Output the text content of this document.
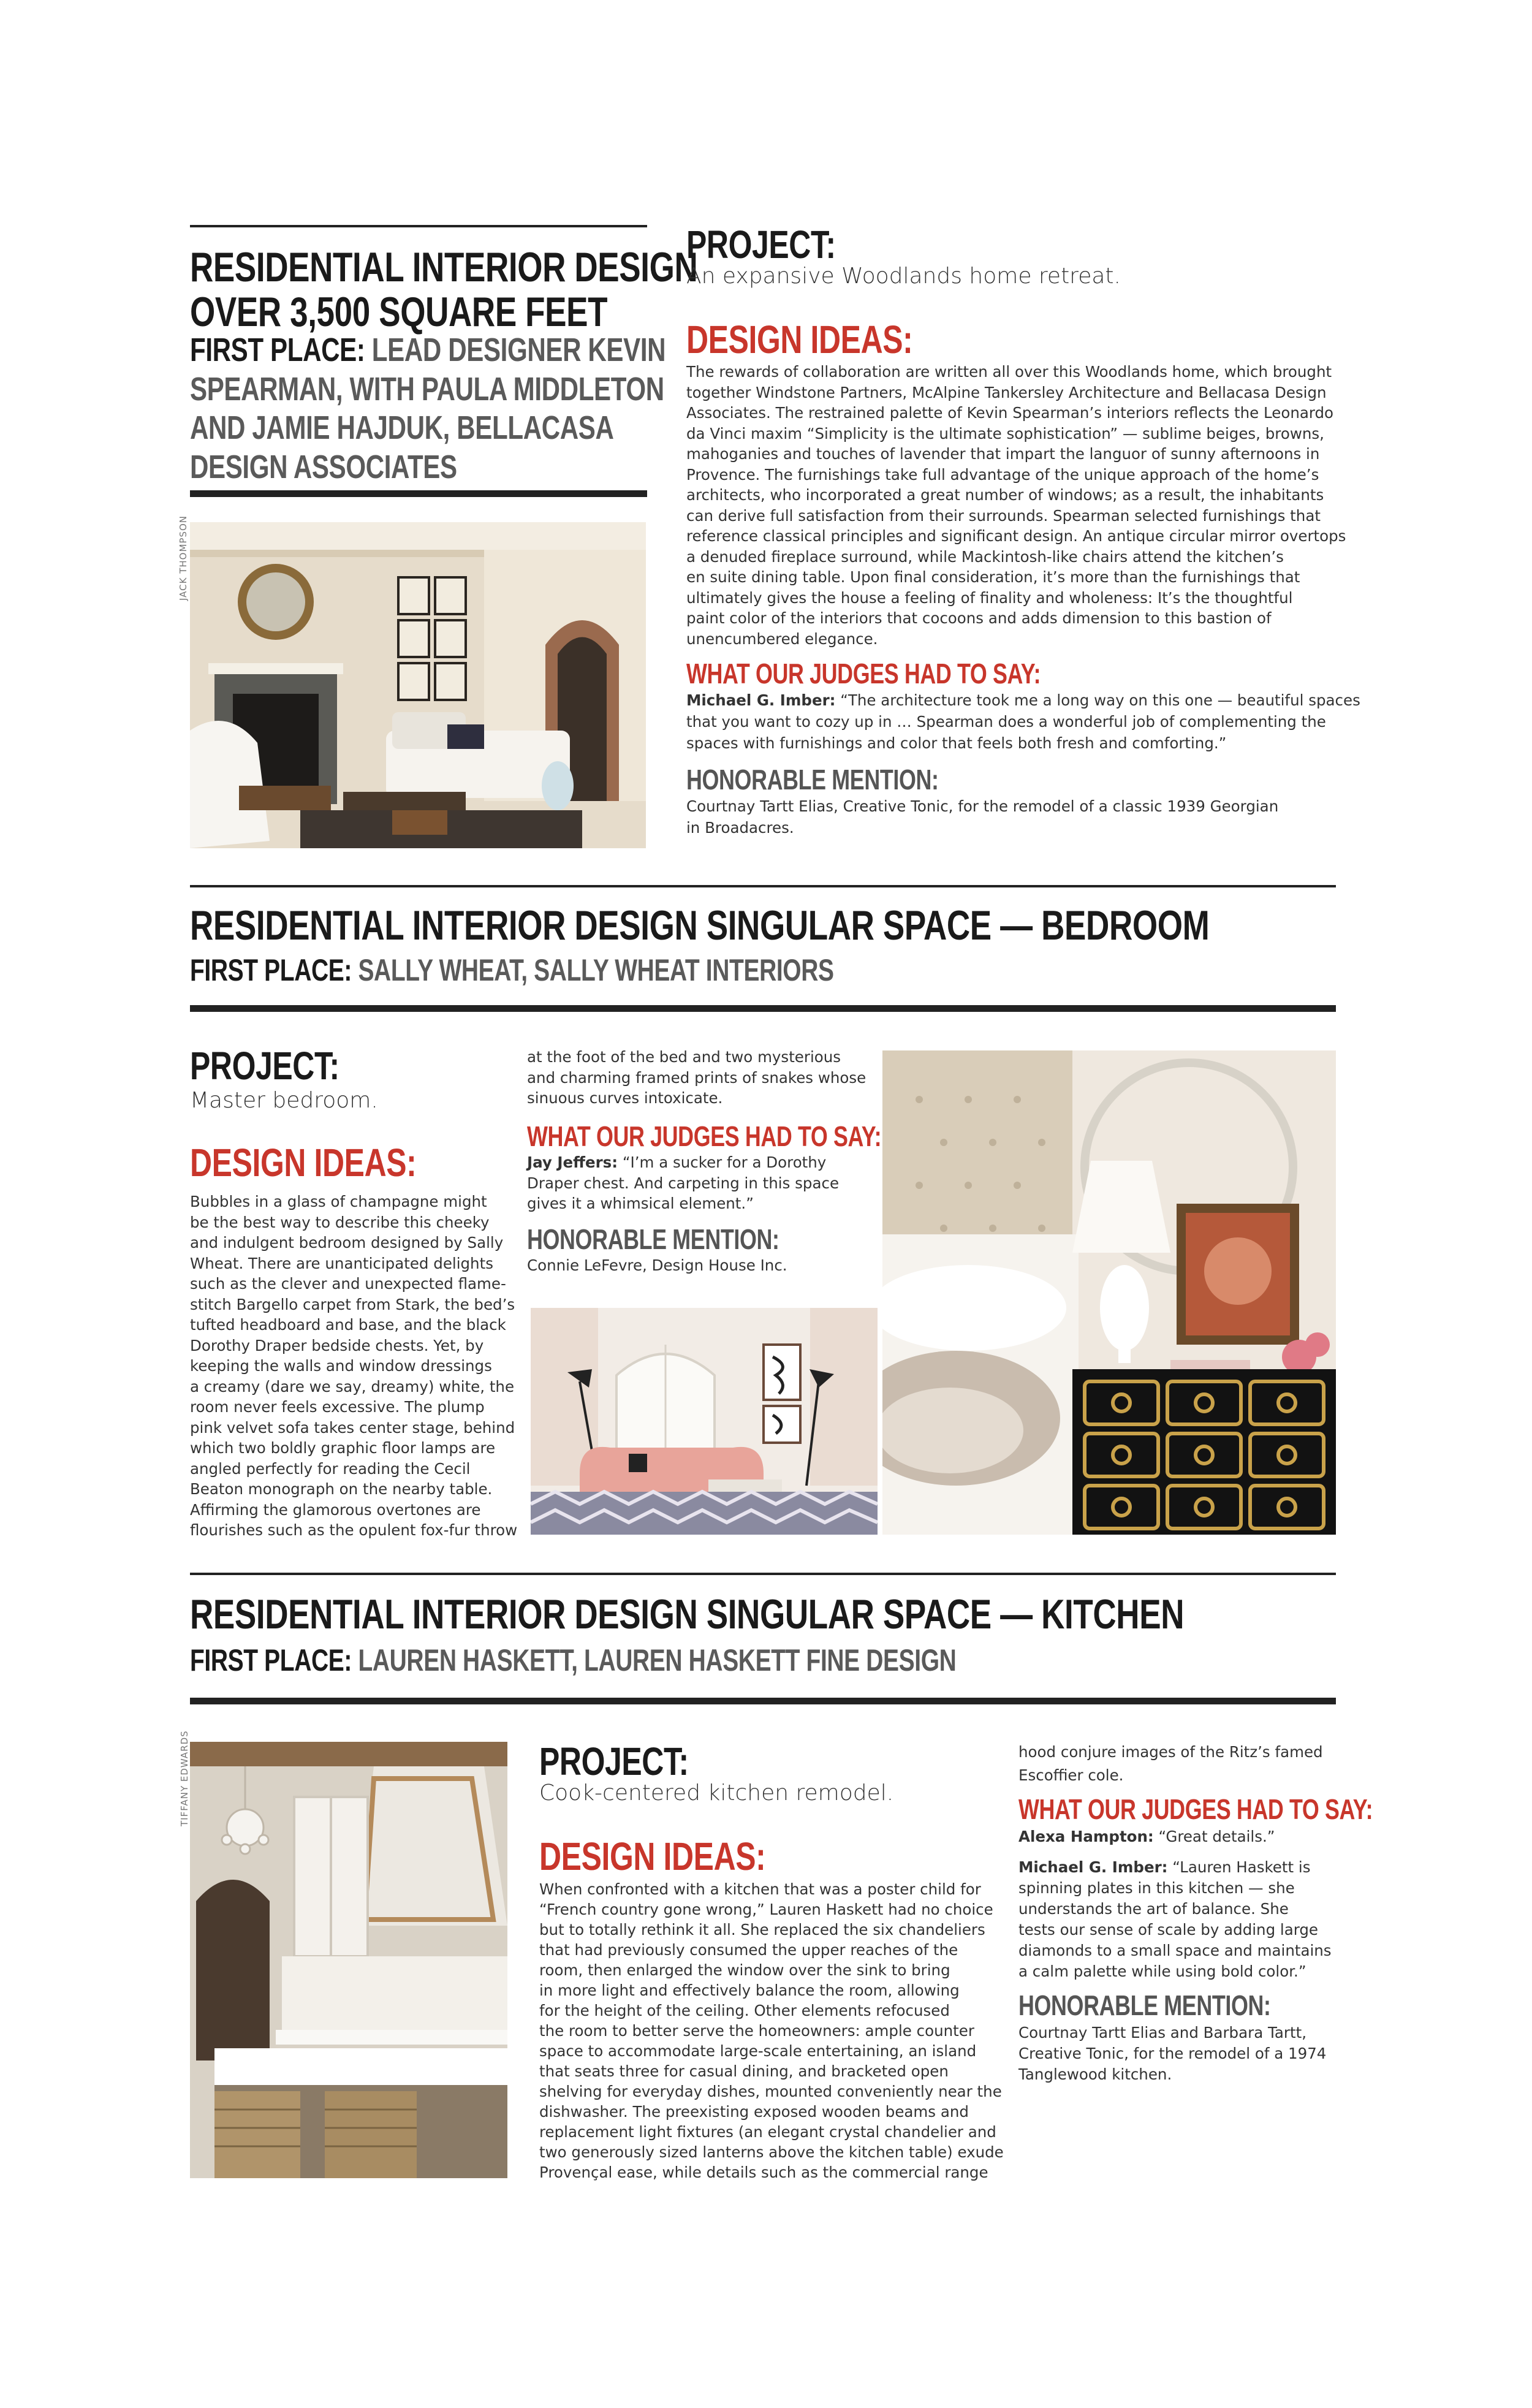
RESIDENTIAL INTERIOR DESIGN
OVER 3,500 SQUARE FEET
FIRST PLACE: LEAD DESIGNER KEVIN
SPEARMAN, WITH PAULA MIDDLETON
AND JAMIE HAJDUK, BELLACASA
DESIGN ASSOCIATES
JACK THOMPSON
PROJECT:
An expansive Woodlands home retreat.
DESIGN IDEAS:
The rewards of collaboration are written all over this Woodlands home, which brought
together Windstone Partners, McAlpine Tankersley Architecture and Bellacasa Design
Associates. The restrained palette of Kevin Spearman’s interiors reflects the Leonardo
da Vinci maxim “Simplicity is the ultimate sophistication” — sublime beiges, browns,
mahoganies and touches of lavender that impart the languor of sunny afternoons in
Provence. The furnishings take full advantage of the unique approach of the home’s
architects, who incorporated a great number of windows; as a result, the inhabitants
can derive full satisfaction from their surrounds. Spearman selected furnishings that
reference classical principles and significant design. An antique circular mirror overtops
a denuded fireplace surround, while Mackintosh-like chairs attend the kitchen’s
en suite dining table. Upon final consideration, it’s more than the furnishings that
ultimately gives the house a feeling of finality and wholeness: It’s the thoughtful
paint color of the interiors that cocoons and adds dimension to this bastion of
unencumbered elegance.
WHAT OUR JUDGES HAD TO SAY:
Michael G. Imber: “The architecture took me a long way on this one — beautiful spaces
that you want to cozy up in … Spearman does a wonderful job of complementing the
spaces with furnishings and color that feels both fresh and comforting.”
HONORABLE MENTION:
Courtnay Tartt Elias, Creative Tonic, for the remodel of a classic 1939 Georgian
in Broadacres.
RESIDENTIAL INTERIOR DESIGN SINGULAR SPACE — BEDROOM
FIRST PLACE: SALLY WHEAT, SALLY WHEAT INTERIORS
PROJECT:
Master bedroom.
DESIGN IDEAS:
Bubbles in a glass of champagne might
be the best way to describe this cheeky
and indulgent bedroom designed by Sally
Wheat. There are unanticipated delights
such as the clever and unexpected flame-
stitch Bargello carpet from Stark, the bed’s
tufted headboard and base, and the black
Dorothy Draper bedside chests. Yet, by
keeping the walls and window dressings
a creamy (dare we say, dreamy) white, the
room never feels excessive. The plump
pink velvet sofa takes center stage, behind
which two boldly graphic floor lamps are
angled perfectly for reading the Cecil
Beaton monograph on the nearby table.
Affirming the glamorous overtones are
flourishes such as the opulent fox-fur throw
at the foot of the bed and two mysterious
and charming framed prints of snakes whose
sinuous curves intoxicate.
WHAT OUR JUDGES HAD TO SAY:
Jay Jeffers: “I’m a sucker for a Dorothy
Draper chest. And carpeting in this space
gives it a whimsical element.”
HONORABLE MENTION:
Connie LeFevre, Design House Inc.
RESIDENTIAL INTERIOR DESIGN SINGULAR SPACE — KITCHEN
FIRST PLACE: LAUREN HASKETT, LAUREN HASKETT FINE DESIGN
TIFFANY EDWARDS	PROJECT:
Cook-centered kitchen remodel.
DESIGN IDEAS:
When confronted with a kitchen that was a poster child for
“French country gone wrong,” Lauren Haskett had no choice
but to totally rethink it all. She replaced the six chandeliers
that had previously consumed the upper reaches of the
room, then enlarged the window over the sink to bring
in more light and effectively balance the room, allowing
for the height of the ceiling. Other elements refocused
the room to better serve the homeowners: ample counter
space to accommodate large-scale entertaining, an island
that seats three for casual dining, and bracketed open
shelving for everyday dishes, mounted conveniently near the
dishwasher. The preexisting exposed wooden beams and
replacement light fixtures (an elegant crystal chandelier and
two generously sized lanterns above the kitchen table) exude
Provençal ease, while details such as the commercial range
hood conjure images of the Ritz’s famed
Escoffier cole.
WHAT OUR JUDGES HAD TO SAY:
Alexa Hampton: “Great details.”
Michael G. Imber: “Lauren Haskett is
spinning plates in this kitchen — she
understands the art of balance. She
tests our sense of scale by adding large
diamonds to a small space and maintains
a calm palette while using bold color.”
HONORABLE MENTION:
Courtnay Tartt Elias and Barbara Tartt,
Creative Tonic, for the remodel of a 1974
Tanglewood kitchen.
